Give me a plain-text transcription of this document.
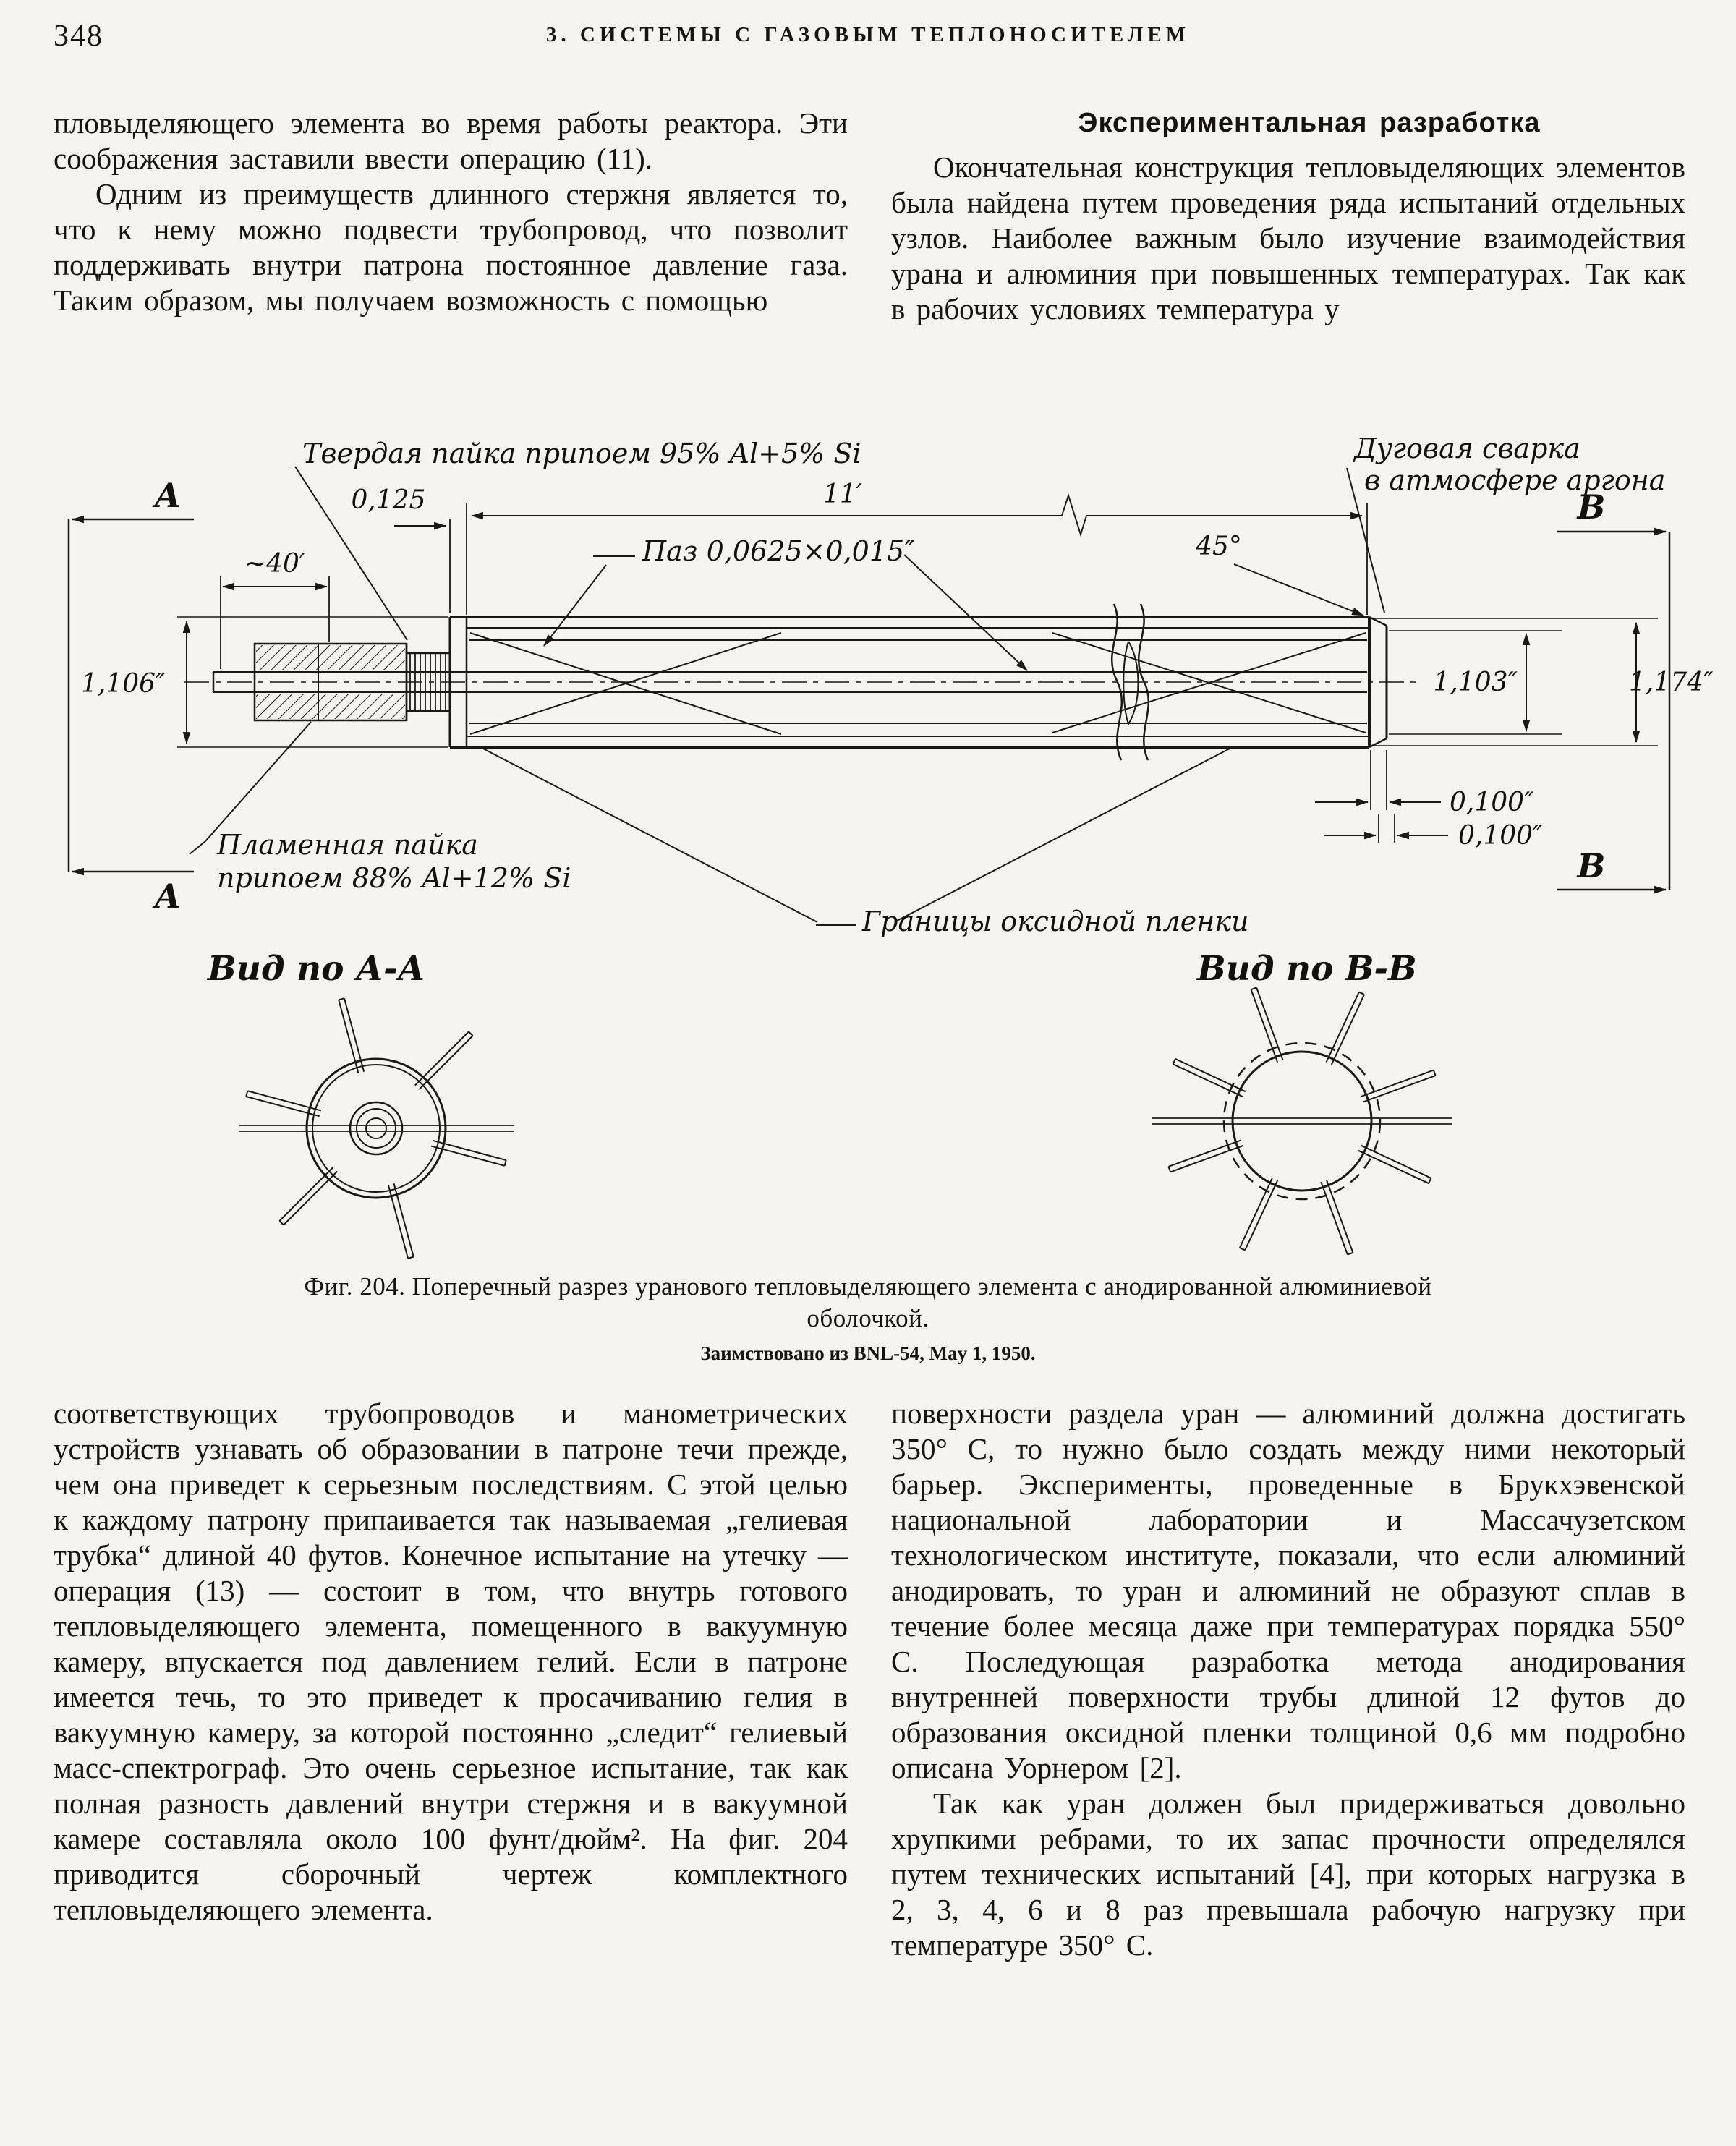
348	3. СИСТЕМЫ С ГАЗОВЫМ ТЕПЛОНОСИТЕЛЕМ

пловыделяющего элемента во время работы реактора. Эти соображения заставили ввести операцию (11).

Одним из преимуществ длинного стержня является то, что к нему можно подвести трубопровод, что позволит поддерживать внутри патрона постоянное давление газа. Таким образом, мы получаем возможность с помощью

Экспериментальная разработка

Окончательная конструкция тепловыделяющих элементов была найдена путем проведения ряда испытаний отдельных узлов. Наиболее важным было изучение взаимодействия урана и алюминия при повышенных температурах. Так как в рабочих условиях температура у

11′
0,125
~40′
1,106″	1,103″	1,174″
0,100″
0,100″
A
A
B
B
Твердая пайка припоем 95% Al+5% Si	Дуговая сварка
в атмосфере аргона
Паз 0,0625×0,015″	45°
Пламенная пайка
припоем 88% Al+12% Si
Границы оксидной пленки
Вид по А-А	Вид по В-В
Фиг. 204. Поперечный разрез уранового тепловыделяющего элемента с анодированной алюминиевой
оболочкой.
Заимствовано из BNL-54, May 1, 1950.

соответствующих трубопроводов и манометрических устройств узнавать об образовании в патроне течи прежде, чем она приведет к серьезным последствиям. С этой целью к каждому патрону припаивается так называемая „гелиевая трубка“ длиной 40 футов. Конечное испытание на утечку — операция (13) — состоит в том, что внутрь готового тепловыделяющего элемента, помещенного в вакуумную камеру, впускается под давлением гелий. Если в патроне имеется течь, то это приведет к просачиванию гелия в вакуумную камеру, за которой постоянно „следит“ гелиевый масс-спектрограф. Это очень серьезное испытание, так как полная разность давлений внутри стержня и в вакуумной камере составляла около 100 фунт/дюйм². На фиг. 204 приводится сборочный чертеж комплектного тепловыделяющего элемента.

поверхности раздела уран — алюминий должна достигать 350° C, то нужно было создать между ними некоторый барьер. Эксперименты, проведенные в Брукхэвенской национальной лаборатории и Массачузетском технологическом институте, показали, что если алюминий анодировать, то уран и алюминий не образуют сплав в течение более месяца даже при температурах порядка 550° C. Последующая разработка метода анодирования внутренней поверхности трубы длиной 12 футов до образования оксидной пленки толщиной 0,6 мм подробно описана Уорнером [2].

Так как уран должен был придерживаться довольно хрупкими ребрами, то их запас прочности определялся путем технических испытаний [4], при которых нагрузка в 2, 3, 4, 6 и 8 раз превышала рабочую нагрузку при температуре 350° C.
